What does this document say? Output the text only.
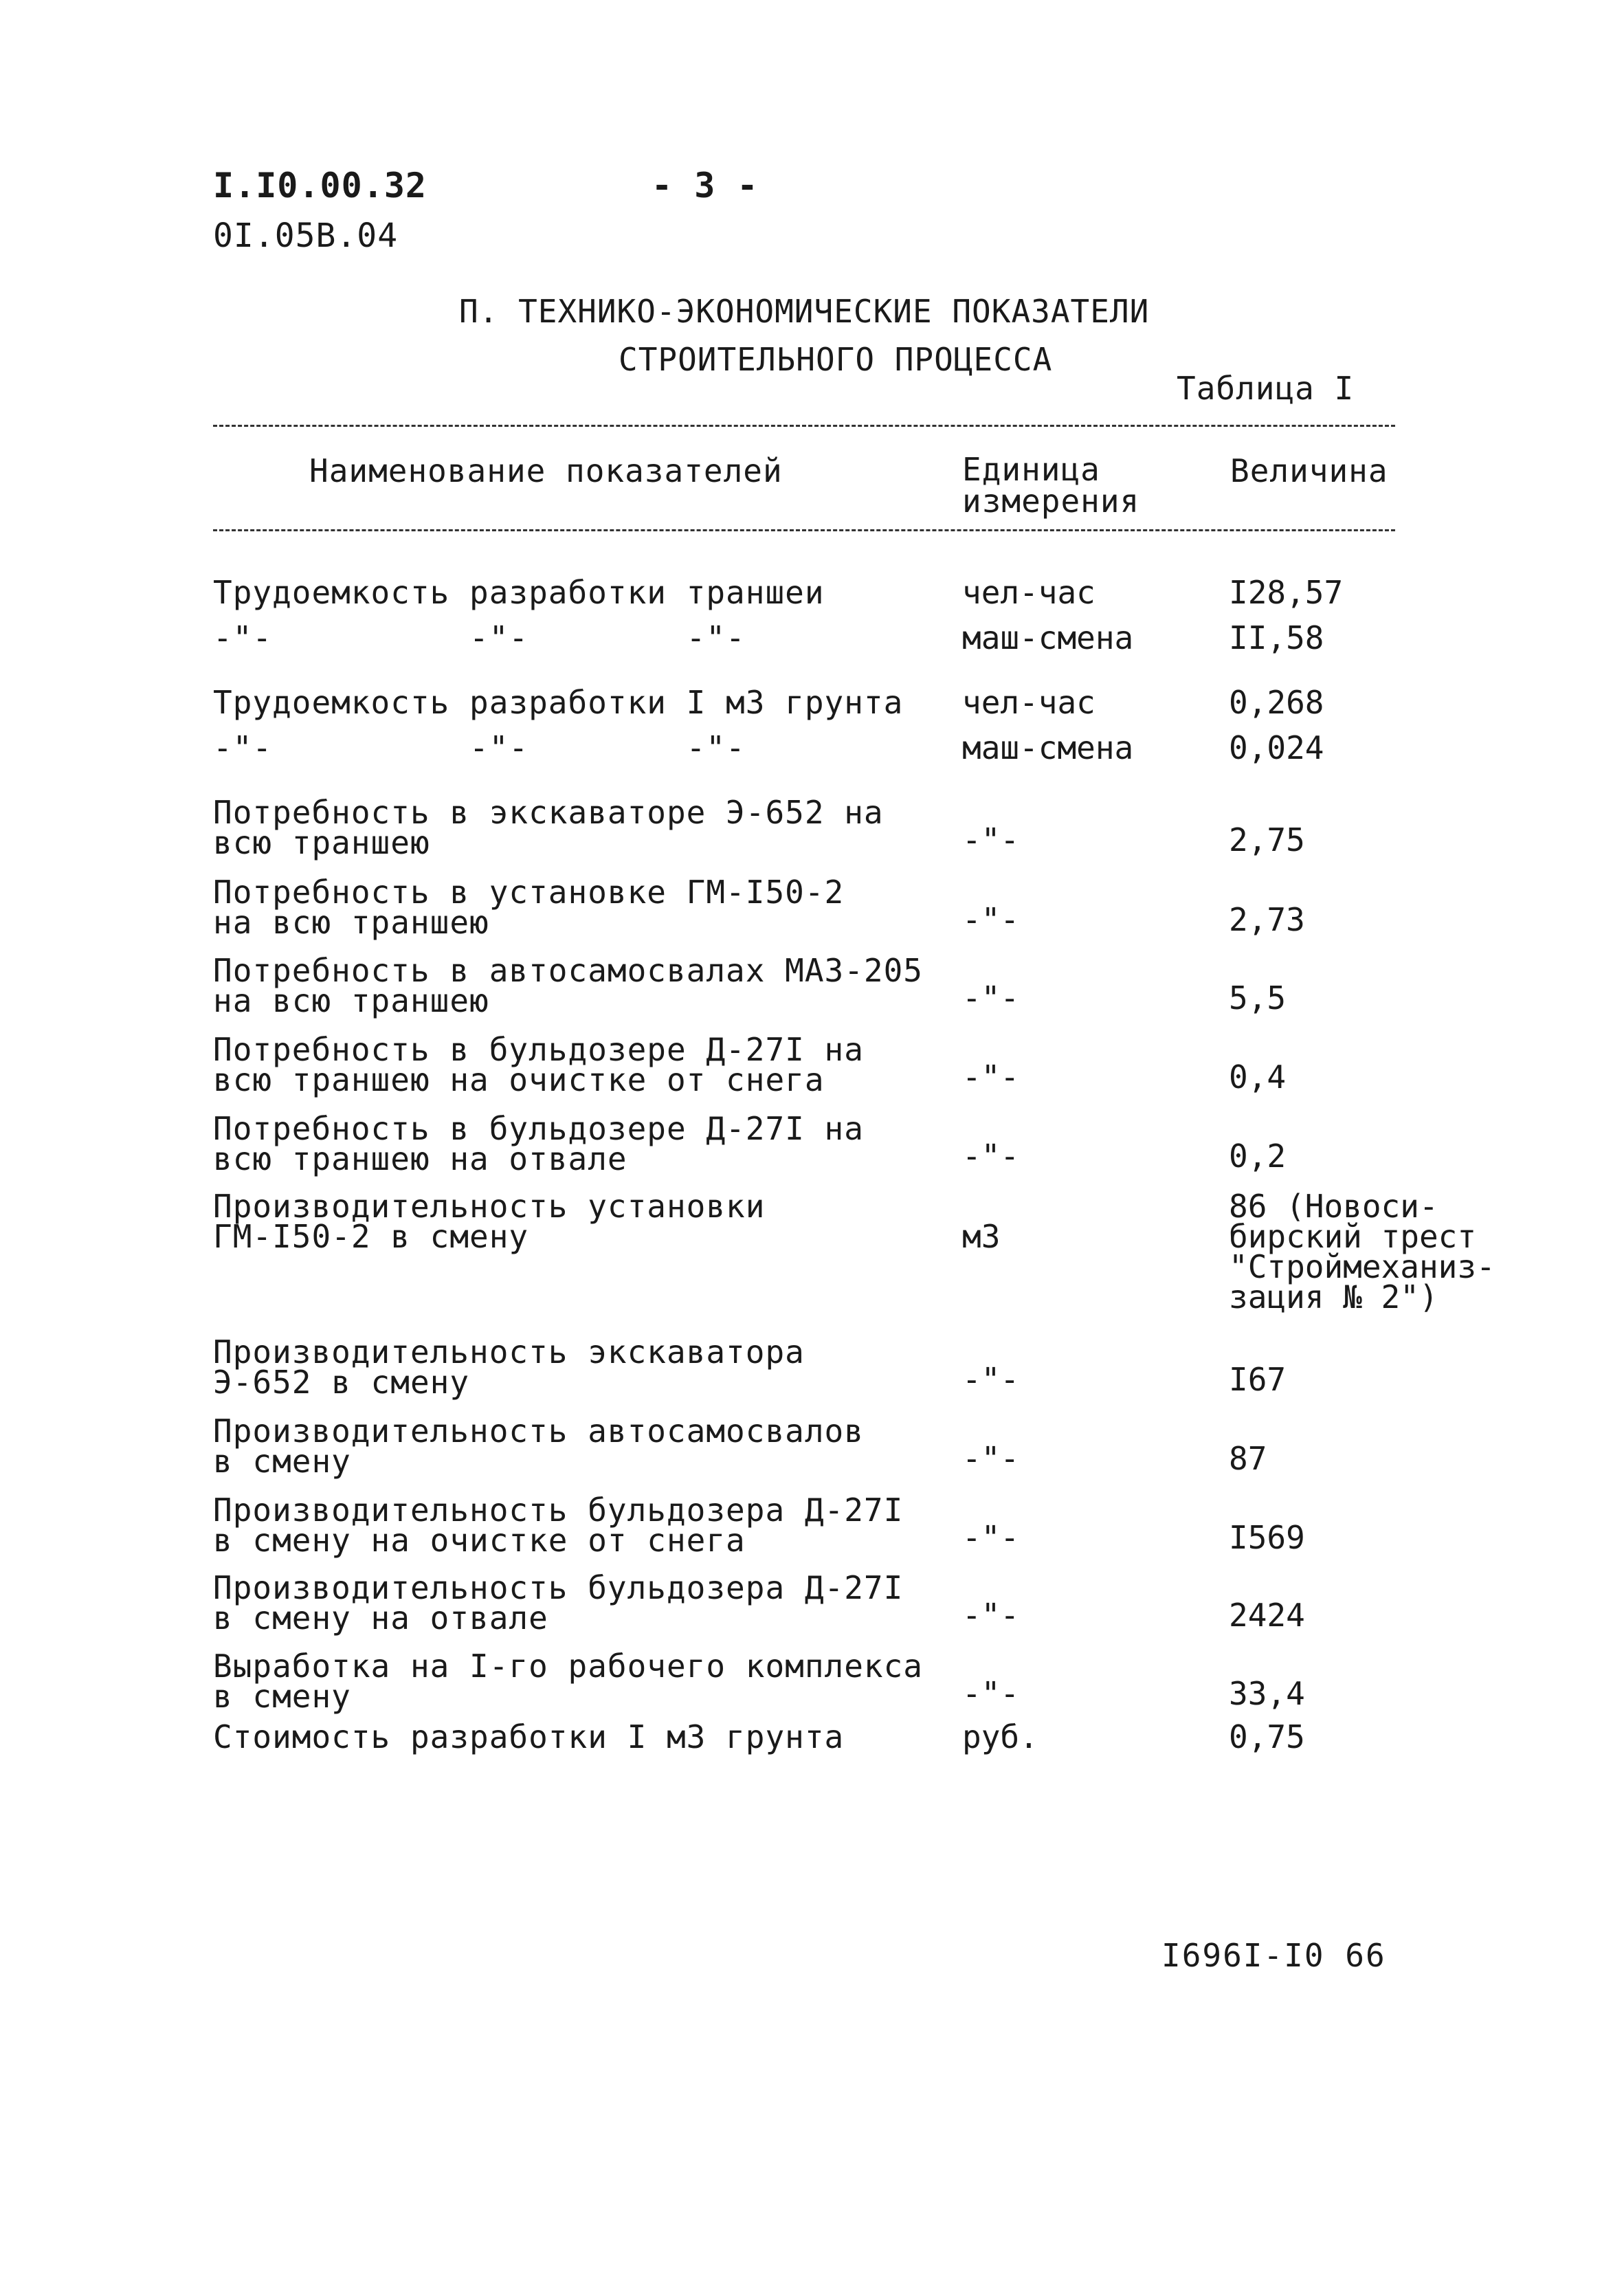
I.I0.00.32
0I.05В.04
- 3 -
П. ТЕХНИКО-ЭКОНОМИЧЕСКИЕ ПОКАЗАТЕЛИ
СТРОИТЕЛЬНОГО ПРОЦЕССА
Таблица I
Наименование показателей	Единица измерения
Величина
Трудоемкость разработки траншеи	чел-час	I28,57
-"-          -"-        -"-	маш-смена	II,58
Трудоемкость разработки I м3 грунта	чел-час	0,268
-"-          -"-        -"-	маш-смена	0,024
Потребность в экскаваторе Э-652 на
всю траншею	-"-	2,75
Потребность в установке ГМ-I50-2
на всю траншею	-"-	2,73
Потребность в автосамосвалах МАЗ-205
на всю траншею	-"-	5,5
Потребность в бульдозере Д-27I на
всю траншею на очистке от снега	-"-	0,4
Потребность в бульдозере Д-27I на
всю траншею на отвале	-"-	0,2
Производительность установки
ГМ-I50-2 в смену	м3
86 (Новоси-
бирский трест
"Строймеханиз-
зация № 2")
Производительность экскаватора
Э-652 в смену	-"-	I67
Производительность автосамосвалов
в смену	-"-	87
Производительность бульдозера Д-27I
в смену на очистке от снега	-"-	I569
Производительность бульдозера Д-27I
в смену на отвале	-"-	2424
Выработка на I-го рабочего комплекса
в смену	-"-	33,4
Стоимость разработки I м3 грунта	руб.	0,75
I696I-I0 66
